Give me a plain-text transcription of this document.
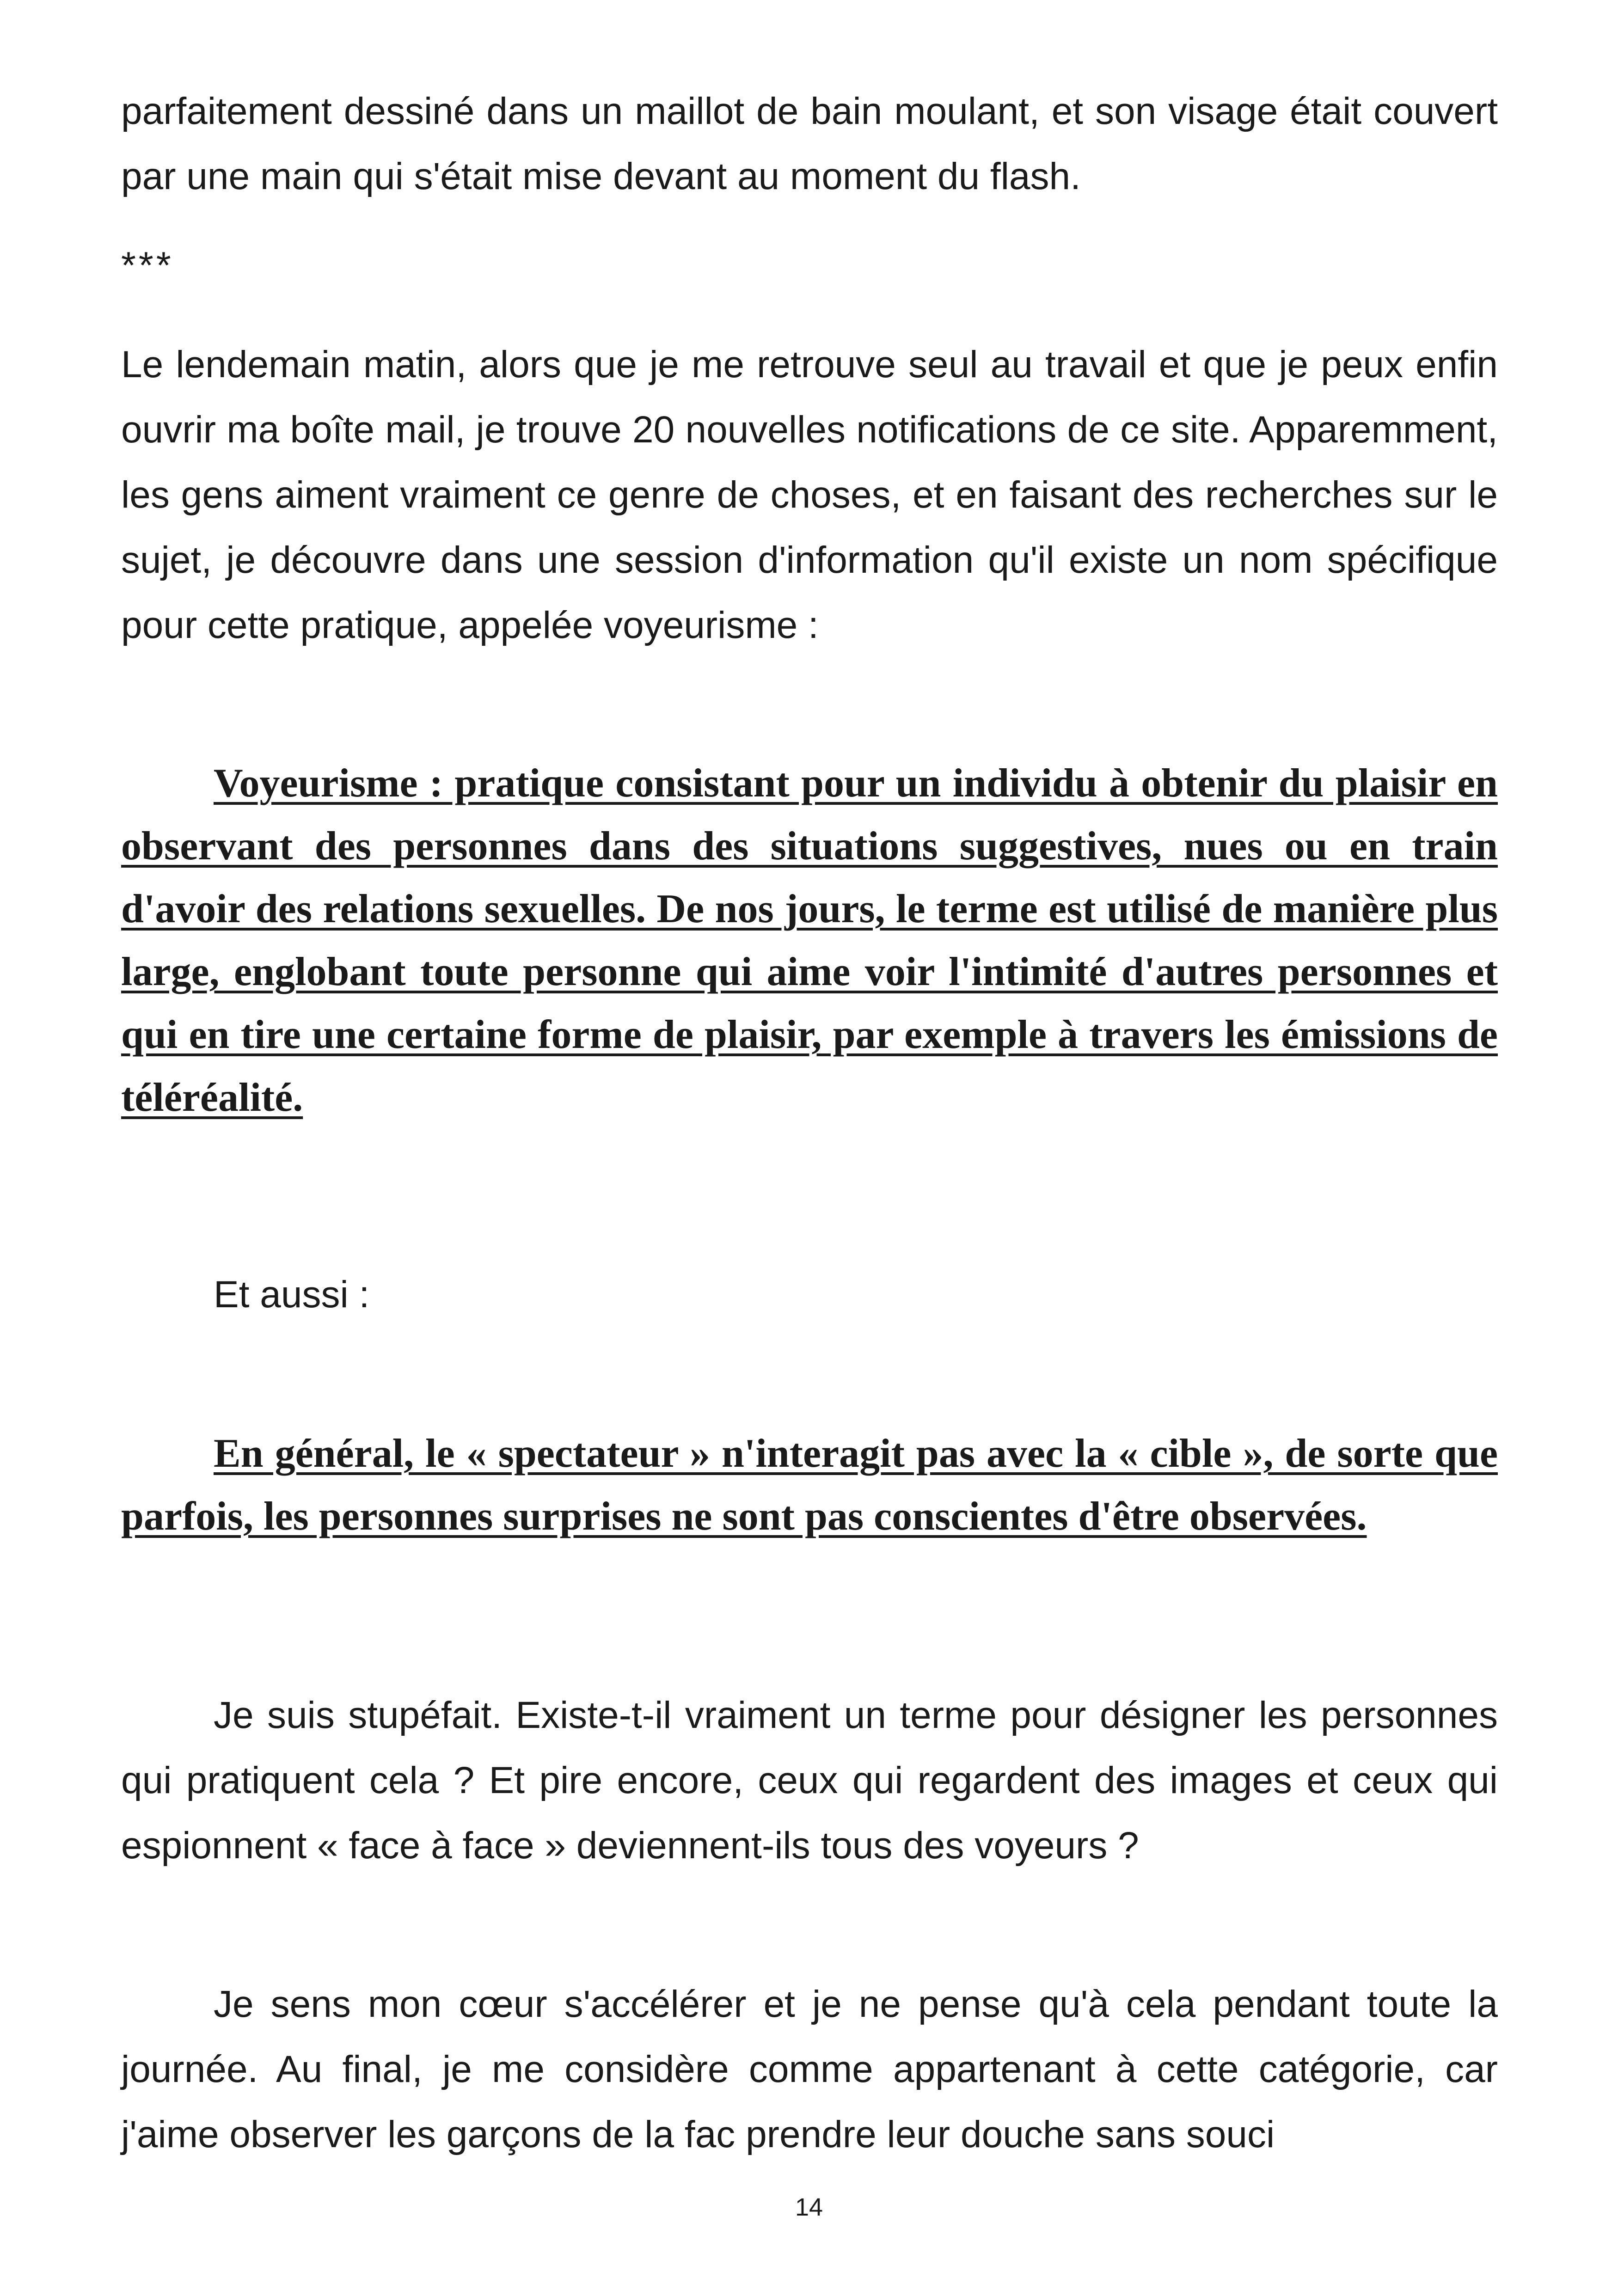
parfaitement dessiné dans un maillot de bain moulant, et son visage était couvert par une main qui s'était mise devant au moment du flash.

***

Le lendemain matin, alors que je me retrouve seul au travail et que je peux enfin ouvrir ma boîte mail, je trouve 20 nouvelles notifications de ce site. Apparemment, les gens aiment vraiment ce genre de choses, et en faisant des recherches sur le sujet, je découvre dans une session d'information qu'il existe un nom spécifique pour cette pratique, appelée voyeurisme :

Voyeurisme : pratique consistant pour un individu à obtenir du plaisir en observant des personnes dans des situations suggestives, nues ou en train d'avoir des relations sexuelles. De nos jours, le terme est utilisé de manière plus large, englobant toute personne qui aime voir l'intimité d'autres personnes et qui en tire une certaine forme de plaisir, par exemple à travers les émissions de téléréalité.

Et aussi :

En général, le « spectateur » n'interagit pas avec la « cible », de sorte que parfois, les personnes surprises ne sont pas conscientes d'être observées.

Je suis stupéfait. Existe-t-il vraiment un terme pour désigner les personnes qui pratiquent cela ? Et pire encore, ceux qui regardent des images et ceux qui espionnent « face à face » deviennent-ils tous des voyeurs ?

Je sens mon cœur s'accélérer et je ne pense qu'à cela pendant toute la journée. Au final, je me considère comme appartenant à cette catégorie, car j'aime observer les garçons de la fac prendre leur douche sans souci

14
